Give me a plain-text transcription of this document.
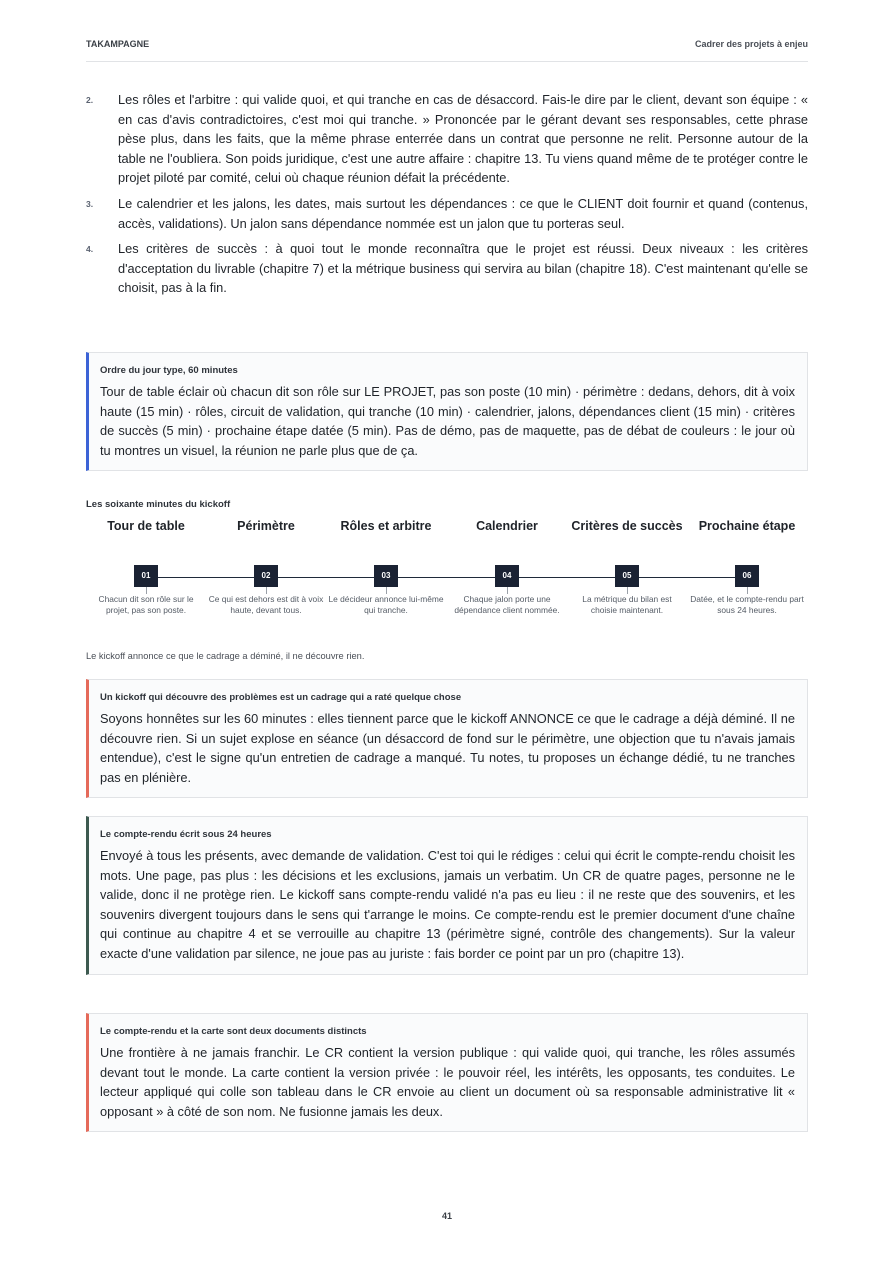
TAKAMPAGNE	Cadrer des projets à enjeu
2. Les rôles et l'arbitre : qui valide quoi, et qui tranche en cas de désaccord. Fais-le dire par le client, devant son équipe : « en cas d'avis contradictoires, c'est moi qui tranche. » Prononcée par le gérant devant ses responsables, cette phrase pèse plus, dans les faits, que la même phrase enterrée dans un contrat que personne ne relit. Personne autour de la table ne l'oubliera. Son poids juridique, c'est une autre affaire : chapitre 13. Tu viens quand même de te protéger contre le projet piloté par comité, celui où chaque réunion défait la précédente.
3. Le calendrier et les jalons, les dates, mais surtout les dépendances : ce que le CLIENT doit fournir et quand (contenus, accès, validations). Un jalon sans dépendance nommée est un jalon que tu porteras seul.
4. Les critères de succès : à quoi tout le monde reconnaîtra que le projet est réussi. Deux niveaux : les critères d'acceptation du livrable (chapitre 7) et la métrique business qui servira au bilan (chapitre 18). C'est maintenant qu'elle se choisit, pas à la fin.
Ordre du jour type, 60 minutes
Tour de table éclair où chacun dit son rôle sur LE PROJET, pas son poste (10 min) · périmètre : dedans, dehors, dit à voix haute (15 min) · rôles, circuit de validation, qui tranche (10 min) · calendrier, jalons, dépendances client (15 min) · critères de succès (5 min) · prochaine étape datée (5 min). Pas de démo, pas de maquette, pas de débat de couleurs : le jour où tu montres un visuel, la réunion ne parle plus que de ça.
Les soixante minutes du kickoff
Tour de table
01
Chacun dit son rôle sur le projet, pas son poste.
Périmètre
02
Ce qui est dehors est dit à voix haute, devant tous.
Rôles et arbitre
03
Le décideur annonce lui-même qui tranche.
Calendrier
04
Chaque jalon porte une dépendance client nommée.
Critères de succès
05
La métrique du bilan est choisie maintenant.
Prochaine étape
06
Datée, et le compte-rendu part sous 24 heures.
Le kickoff annonce ce que le cadrage a déminé, il ne découvre rien.
Un kickoff qui découvre des problèmes est un cadrage qui a raté quelque chose
Soyons honnêtes sur les 60 minutes : elles tiennent parce que le kickoff ANNONCE ce que le cadrage a déjà déminé. Il ne découvre rien. Si un sujet explose en séance (un désaccord de fond sur le périmètre, une objection que tu n'avais jamais entendue), c'est le signe qu'un entretien de cadrage a manqué. Tu notes, tu proposes un échange dédié, tu ne tranches pas en plénière.
Le compte-rendu écrit sous 24 heures
Envoyé à tous les présents, avec demande de validation. C'est toi qui le rédiges : celui qui écrit le compte-rendu choisit les mots. Une page, pas plus : les décisions et les exclusions, jamais un verbatim. Un CR de quatre pages, personne ne le valide, donc il ne protège rien. Le kickoff sans compte-rendu validé n'a pas eu lieu : il ne reste que des souvenirs, et les souvenirs divergent toujours dans le sens qui t'arrange le moins. Ce compte-rendu est le premier document d'une chaîne qui continue au chapitre 4 et se verrouille au chapitre 13 (périmètre signé, contrôle des changements). Sur la valeur exacte d'une validation par silence, ne joue pas au juriste : fais border ce point par un pro (chapitre 13).
Le compte-rendu et la carte sont deux documents distincts
Une frontière à ne jamais franchir. Le CR contient la version publique : qui valide quoi, qui tranche, les rôles assumés devant tout le monde. La carte contient la version privée : le pouvoir réel, les intérêts, les opposants, tes conduites. Le lecteur appliqué qui colle son tableau dans le CR envoie au client un document où sa responsable administrative lit « opposant » à côté de son nom. Ne fusionne jamais les deux.
41
